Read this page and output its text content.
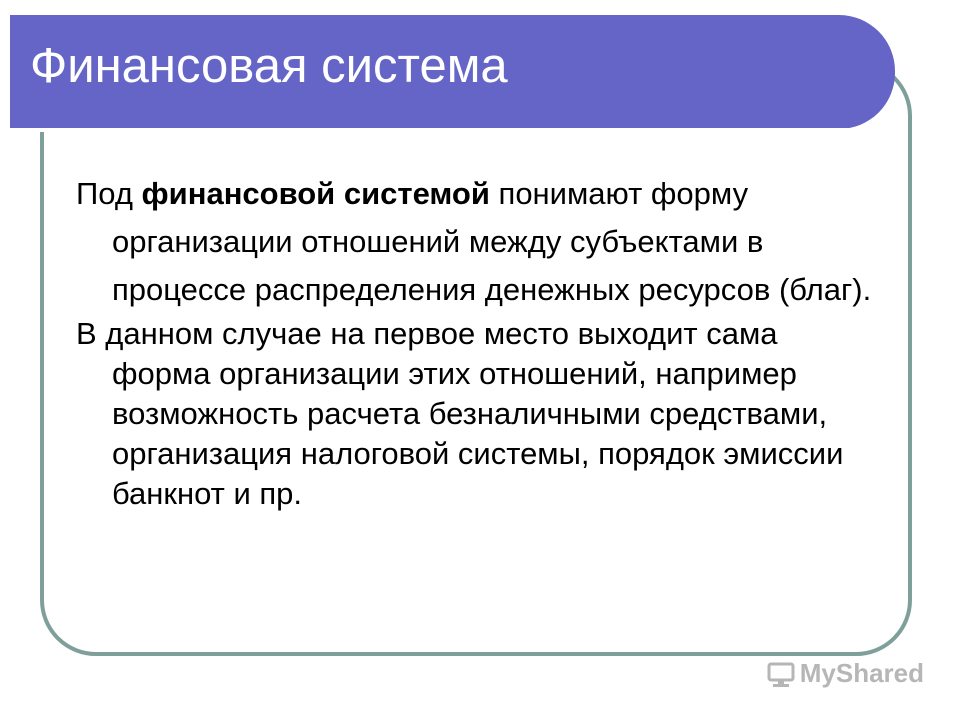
Финансовая система

Под финансовой системой понимают форму организации отношений между субъектами в процессе распределения денежных ресурсов (благ).

В данном случае на первое место выходит сама форма организации этих отношений, например возможность расчета безналичными средствами, организация налоговой системы, порядок эмиссии банкнот и пр.

MyShared
